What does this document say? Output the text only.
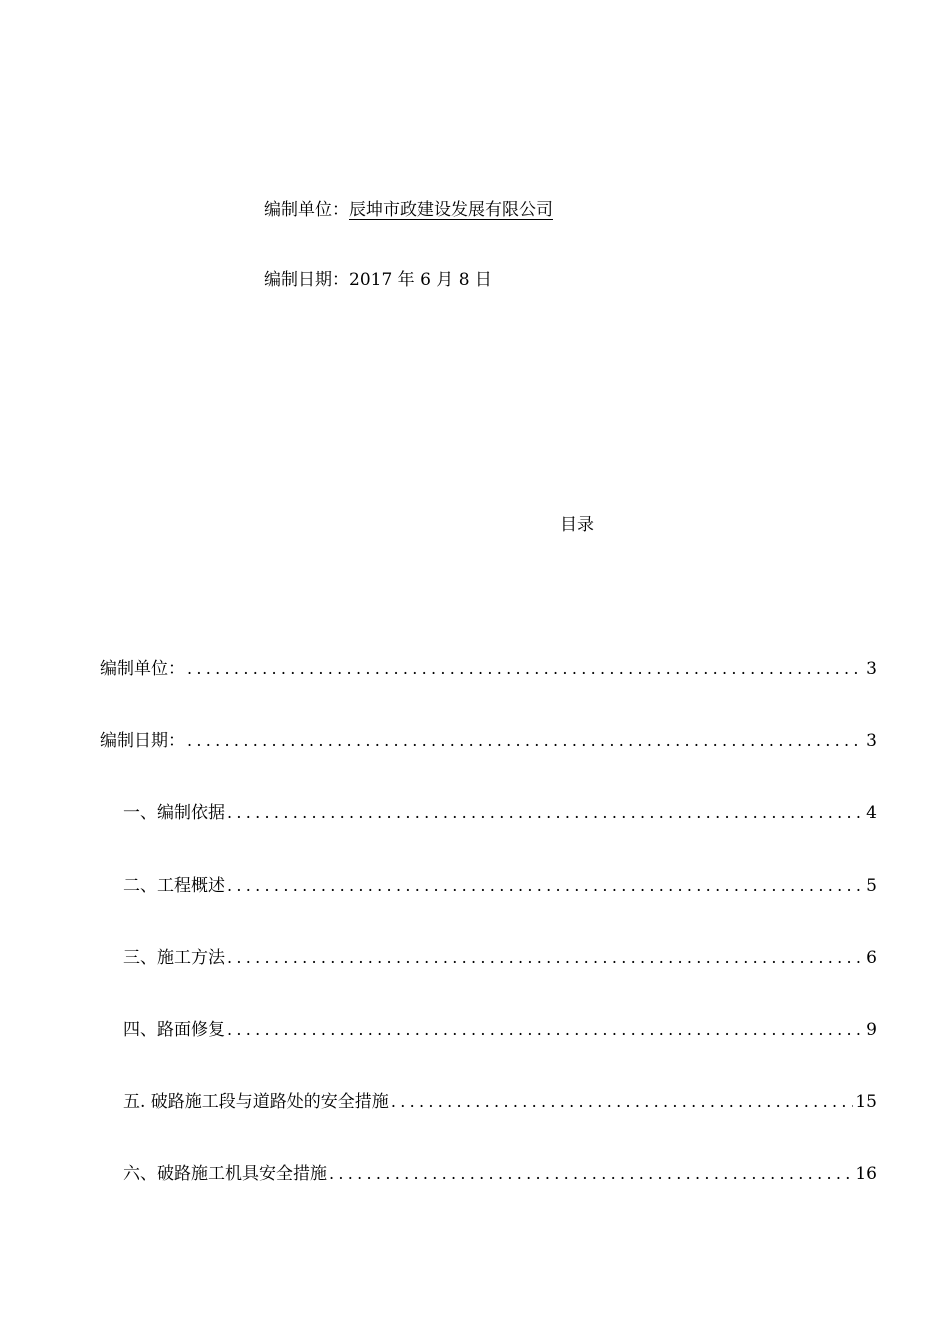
编制单位：辰坤市政建设发展有限公司
编制日期：2017 年 6 月 8 日
目录
编制单位： .....	3
编制日期： .....	3
一、编制依据 .....	4
二、工程概述 .....	5
三、施工方法 .....	6
四、路面修复 .....	9
五. 破路施工段与道路处的安全措施 .....	15
六、破路施工机具安全措施 .....	16
